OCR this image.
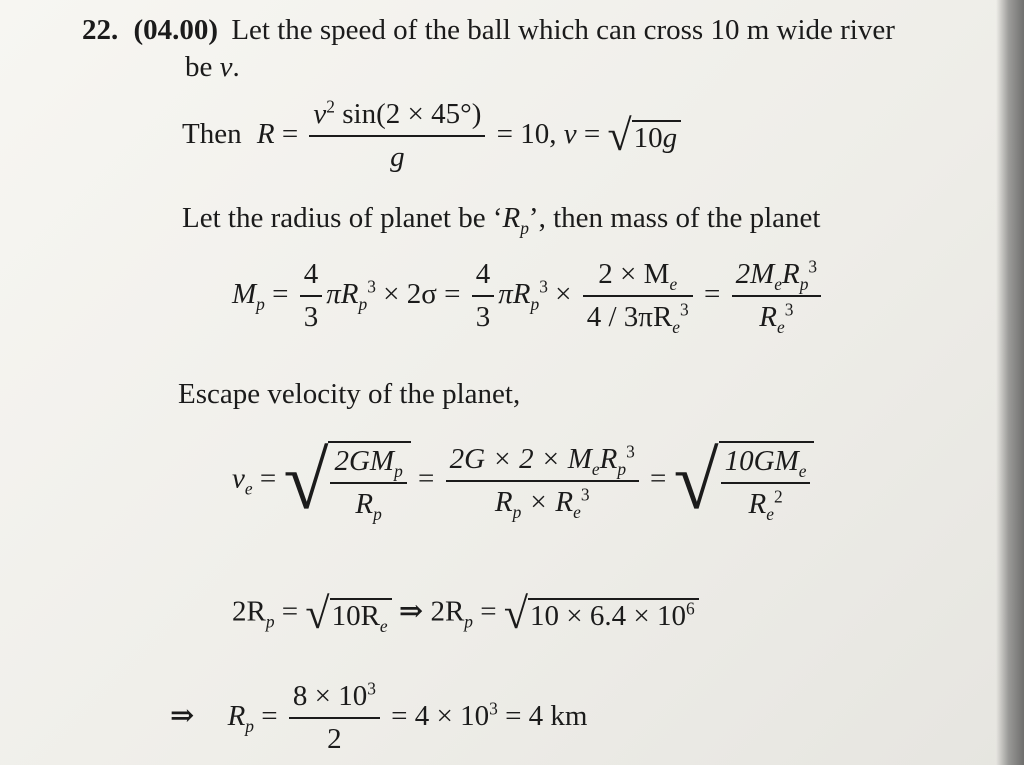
22. (04.00) Let the speed of the ball which can cross 10 m wide river
be v.
Then $R = \frac{v^2 \sin(2 \times 45^\circ)}{g} = 10$, v = √10g
Let the radius of planet be ‘$R_p$’, then mass of the planet
$M_p = \frac{4}{3} \pi R_p^3 \times 2\sigma = \frac{4}{3} \pi R_p^3 \times \frac{2 \times M_e}{4 / 3\pi R_e^3} = \frac{2M_eR_p^3}{R_e^3}$
Escape velocity of the planet,
$v_e$ = √ $\frac{2GM_p}{R_p} = \frac{2G \times 2 \times M_eR_p^3}{R_p \times R_e^3}$ = √ $\frac{10GM_e}{R_e^2}$
$2R_p = √10R_e$ ⇒ $2R_p = √10 \times 6.4 \times 10^6$
⇒ $R_p = \frac{8 \times 10^3}{2} = 4 \times 10^3 = 4$ km
